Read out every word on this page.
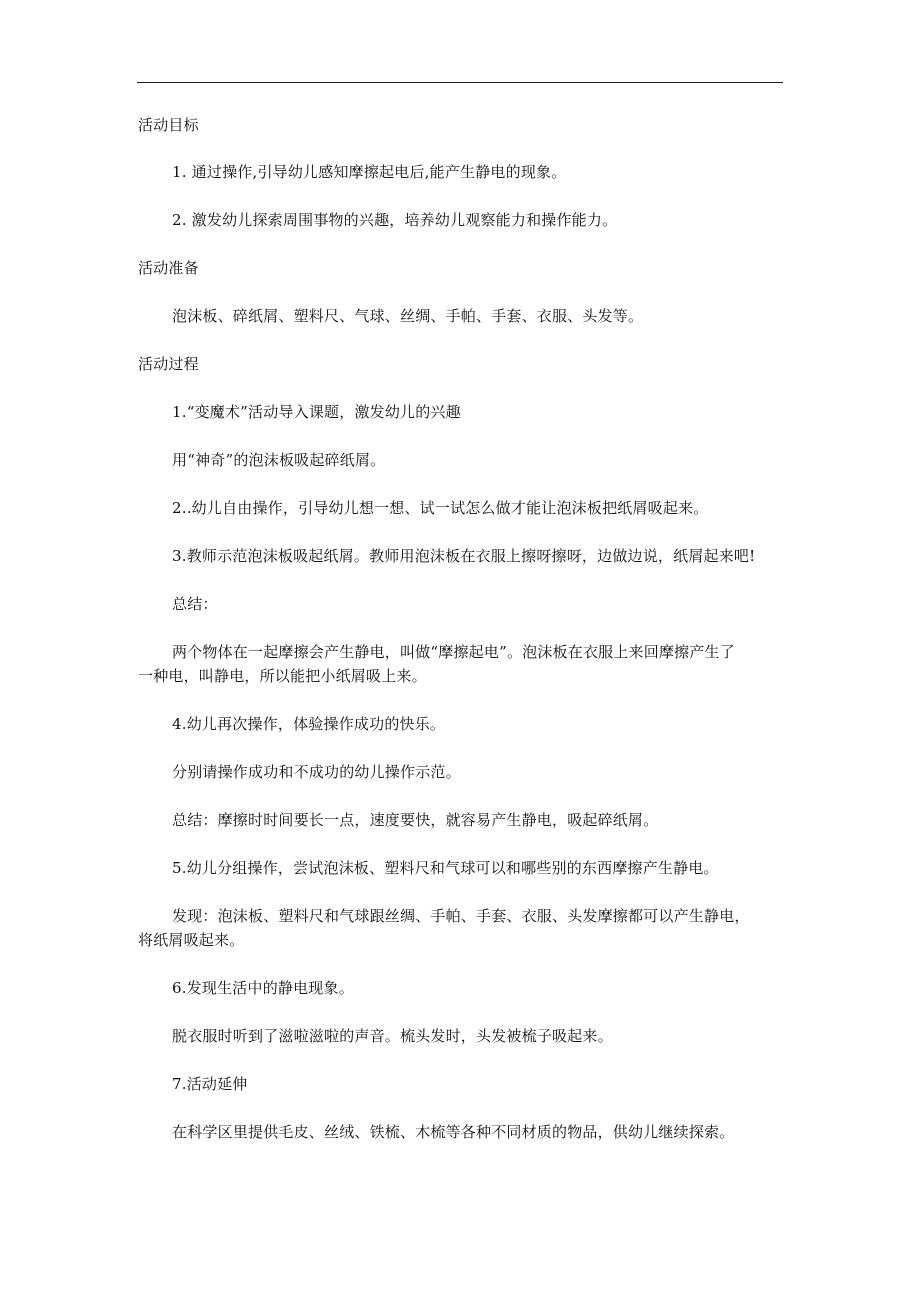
活动目标
1. 通过操作,引导幼儿感知摩擦起电后,能产生静电的现象。
2. 激发幼儿探索周围事物的兴趣，培养幼儿观察能力和操作能力。
活动准备
泡沫板、碎纸屑、塑料尺、气球、丝绸、手帕、手套、衣服、头发等。
活动过程
1.“变魔术”活动导入课题，激发幼儿的兴趣
用“神奇”的泡沫板吸起碎纸屑。
2..幼儿自由操作，引导幼儿想一想、试一试怎么做才能让泡沫板把纸屑吸起来。
3.教师示范泡沫板吸起纸屑。教师用泡沫板在衣服上擦呀擦呀，边做边说，纸屑起来吧!
总结：
两个物体在一起摩擦会产生静电，叫做“摩擦起电”。泡沫板在衣服上来回摩擦产生了
一种电，叫静电，所以能把小纸屑吸上来。
4.幼儿再次操作，体验操作成功的快乐。
分别请操作成功和不成功的幼儿操作示范。
总结：摩擦时时间要长一点，速度要快，就容易产生静电，吸起碎纸屑。
5.幼儿分组操作，尝试泡沫板、塑料尺和气球可以和哪些别的东西摩擦产生静电。
发现：泡沫板、塑料尺和气球跟丝绸、手帕、手套、衣服、头发摩擦都可以产生静电，
将纸屑吸起来。
6.发现生活中的静电现象。
脱衣服时听到了滋啦滋啦的声音。梳头发时，头发被梳子吸起来。
7.活动延伸
在科学区里提供毛皮、丝绒、铁梳、木梳等各种不同材质的物品，供幼儿继续探索。
